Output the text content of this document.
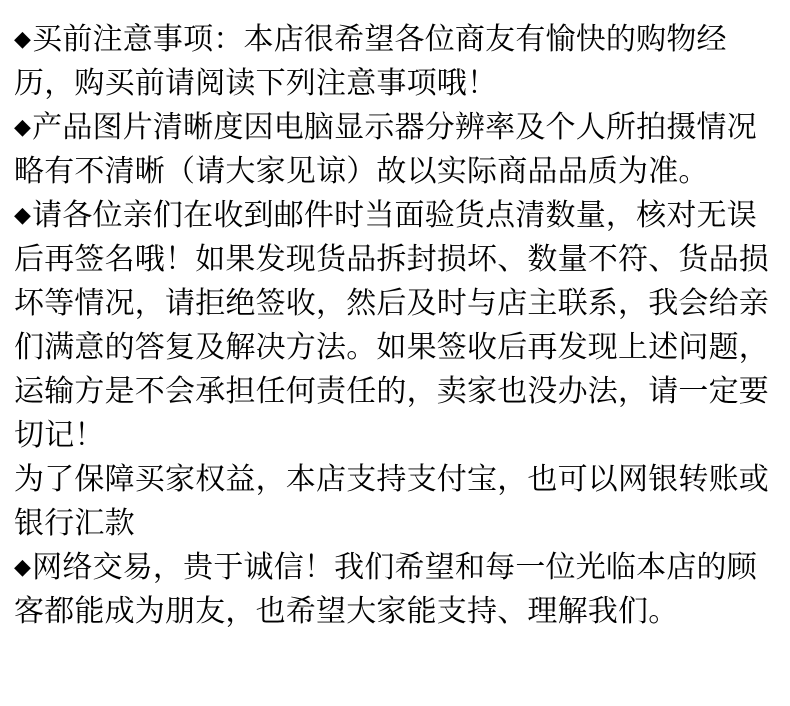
◆买前注意事项：本店很希望各位商友有愉快的购物经历，购买前请阅读下列注意事项哦！

◆产品图片清晰度因电脑显示器分辨率及个人所拍摄情况略有不清晰（请大家见谅）故以实际商品品质为准。

◆请各位亲们在收到邮件时当面验货点清数量，核对无误后再签名哦！如果发现货品拆封损坏、数量不符、货品损坏等情况，请拒绝签收，然后及时与店主联系，我会给亲们满意的答复及解决方法。如果签收后再发现上述问题，运输方是不会承担任何责任的，卖家也没办法，请一定要切记！

为了保障买家权益，本店支持支付宝，也可以网银转账或银行汇款

◆网络交易，贵于诚信！我们希望和每一位光临本店的顾客都能成为朋友，也希望大家能支持、理解我们。
